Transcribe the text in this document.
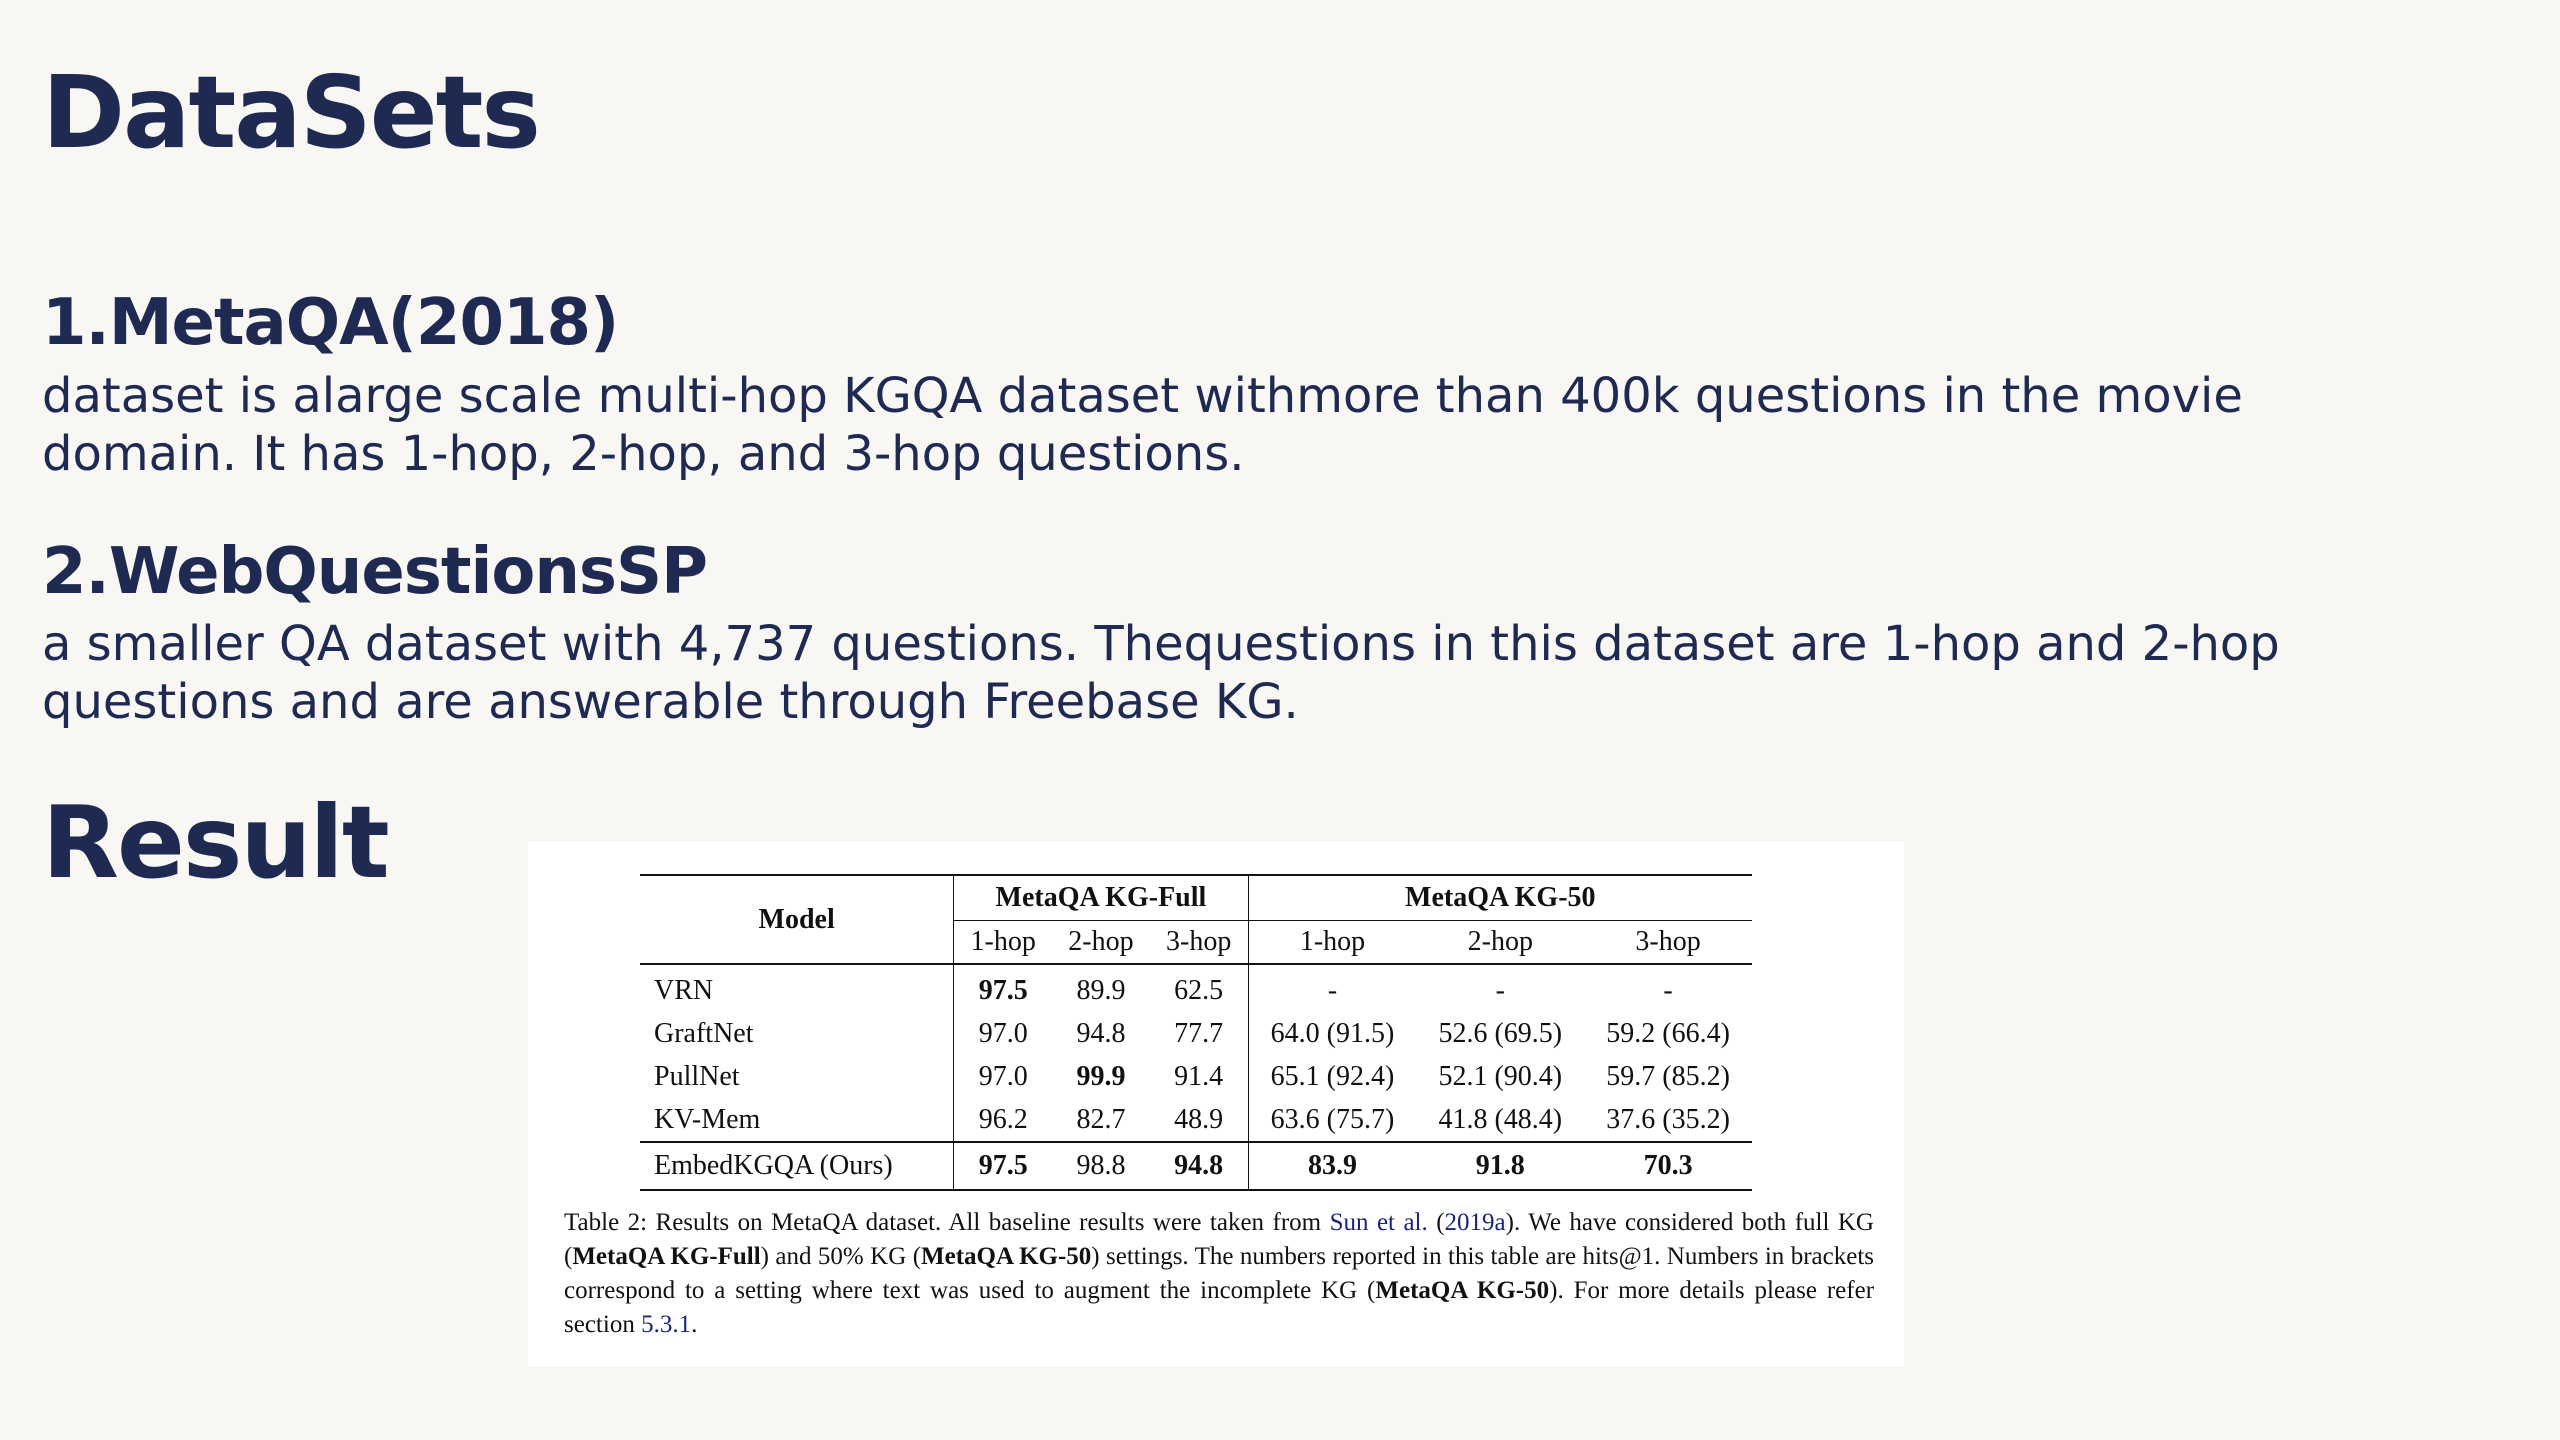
DataSets
1.MetaQA(2018)

dataset is alarge scale multi-hop KGQA dataset withmore than 400k questions in the movie domain. It has 1-hop, 2-hop, and 3-hop questions.

2.WebQuestionsSP

a smaller QA dataset with 4,737 questions. Thequestions in this dataset are 1-hop and 2-hop questions and are answerable through Freebase KG.

Result
Model	MetaQA KG-Full			MetaQA KG-50		
	1-hop	2-hop	3-hop	1-hop	2-hop	3-hop
VRN	97.5	89.9	62.5	-	-	-
GraftNet	97.0	94.8	77.7	64.0 (91.5)	52.6 (69.5)	59.2 (66.4)
PullNet	97.0	99.9	91.4	65.1 (92.4)	52.1 (90.4)	59.7 (85.2)
KV-Mem	96.2	82.7	48.9	63.6 (75.7)	41.8 (48.4)	37.6 (35.2)
EmbedKGQA (Ours)	97.5	98.8	94.8	83.9	91.8	70.3

Table 2: Results on MetaQA dataset. All baseline results were taken from Sun et al. (2019a). We have considered both full KG (MetaQA KG-Full) and 50% KG (MetaQA KG-50) settings. The numbers reported in this table are hits@1. Numbers in brackets correspond to a setting where text was used to augment the incomplete KG (MetaQA KG-50). For more details please refer section 5.3.1.
